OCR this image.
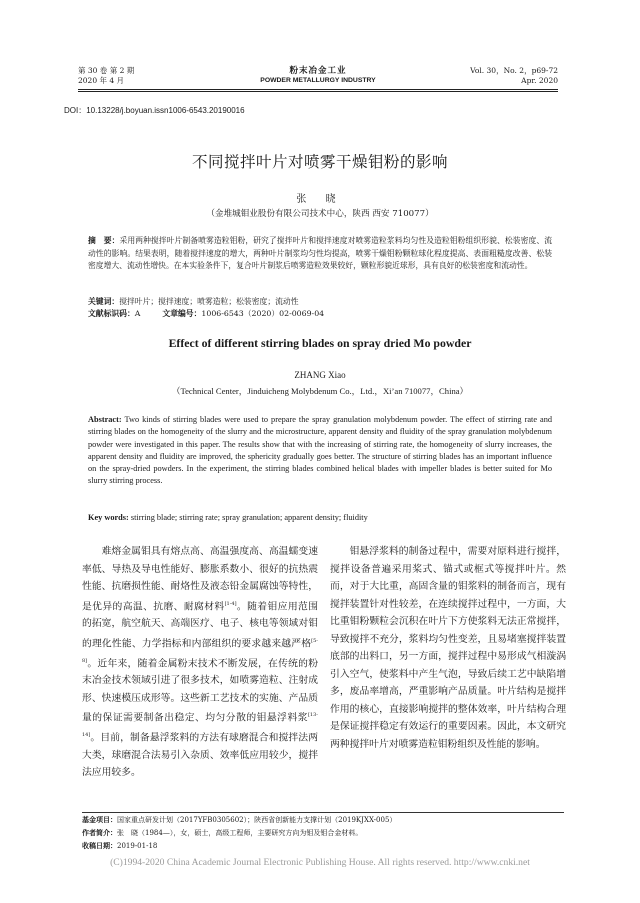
第 30 卷 第 2 期
2020 年 4 月
粉末冶金工业
POWDER METALLURGY INDUSTRY
Vol. 30，No. 2，p69-72
Apr. 2020
DOI：10.13228/j.boyuan.issn1006-6543.20190016
不同搅拌叶片对喷雾干燥钼粉的影响
张 晓
（金堆城钼业股份有限公司技术中心，陕西 西安 710077）
摘　要：采用两种搅拌叶片制备喷雾造粒钼粉，研究了搅拌叶片和搅拌速度对喷雾造粒浆料均匀性及造粒钼粉组织形貌、松装密度、流动性的影响。结果表明，随着搅拌速度的增大，两种叶片制浆均匀性均提高，喷雾干燥钼粉颗粒球化程度提高、表面粗糙度改善、松装密度增大、流动性增快。在本实验条件下，复合叶片制浆后喷雾造粒效果较好，颗粒形貌近球形，具有良好的松装密度和流动性。
关键词：搅拌叶片；搅拌速度；喷雾造粒；松装密度；流动性
文献标识码：A	文章编号：1006-6543（2020）02-0069-04
Effect of different stirring blades on spray dried Mo powder
ZHANG Xiao
（Technical Center，Jinduicheng Molybdenum Co.，Ltd.，Xi’an 710077，China）
Abstract: Two kinds of stirring blades were used to prepare the spray granulation molybdenum powder. The effect of stirring rate and stirring blades on the homogeneity of the slurry and the microstructure, apparent density and fluidity of the spray granulation molybdenum powder were investigated in this paper. The results show that with the increasing of stirring rate, the homogeneity of slurry increases, the apparent density and fluidity are improved, the sphericity gradually goes better. The structure of stirring blades has an important influence on the spray-dried powders. In the experiment, the stirring blades combined helical blades with impeller blades is better suited for Mo slurry stirring process.
Key words: stirring blade; stirring rate; spray granulation; apparent density; fluidity

难熔金属钼具有熔点高、高温强度高、高温蠕变速率低、导热及导电性能好、膨胀系数小、很好的抗热震性能、抗磨损性能、耐烙性及液态铅金属腐蚀等特性，是优异的高温、抗磨、耐腐材料[1-4]。随着钼应用范围的拓宽，航空航天、高端医疗、电子、核电等领域对钼的理化性能、力学指标和内部组织的要求越来越严格[5-8]。近年来，随着金属粉末技术不断发展，在传统的粉末冶金技术领域引进了很多技术，如喷雾造粒、注射成形、快速模压成形等。这些新工艺技术的实施、产品质量的保证需要制备出稳定、均匀分散的钼悬浮料浆[13-14]。目前，制备悬浮浆料的方法有球磨混合和搅拌法两大类，球磨混合法易引入杂质、效率低应用较少，搅拌法应用较多。

钼悬浮浆料的制备过程中，需要对原料进行搅拌，搅拌设备普遍采用桨式、锚式或框式等搅拌叶片。然而，对于大比重，高固含量的钼浆料的制备而言，现有搅拌装置针对性较差，在连续搅拌过程中，一方面，大比重钼粉颗粒会沉积在叶片下方使浆料无法正常搅拌，导致搅拌不充分，浆料均匀性变差，且易堵塞搅拌装置底部的出料口，另一方面，搅拌过程中易形成气相漩涡引入空气，使浆料中产生气泡，导致后续工艺中缺陷增多，废品率增高，严重影响产品质量。叶片结构是搅拌作用的核心，直接影响搅拌的整体效率，叶片结构合理是保证搅拌稳定有效运行的重要因素。因此，本文研究两种搅拌叶片对喷雾造粒钼粉组织及性能的影响。

基金项目：国家重点研发计划（2017YFB0305602）；陕西省创新能力支撑计划（2019KJXX-005）
作者简介：张　晓（1984—），女，硕士，高级工程师，主要研究方向为钼及钼合金材料。
收稿日期：2019-01-18
(C)1994-2020 China Academic Journal Electronic Publishing House. All rights reserved. http://www.cnki.net
